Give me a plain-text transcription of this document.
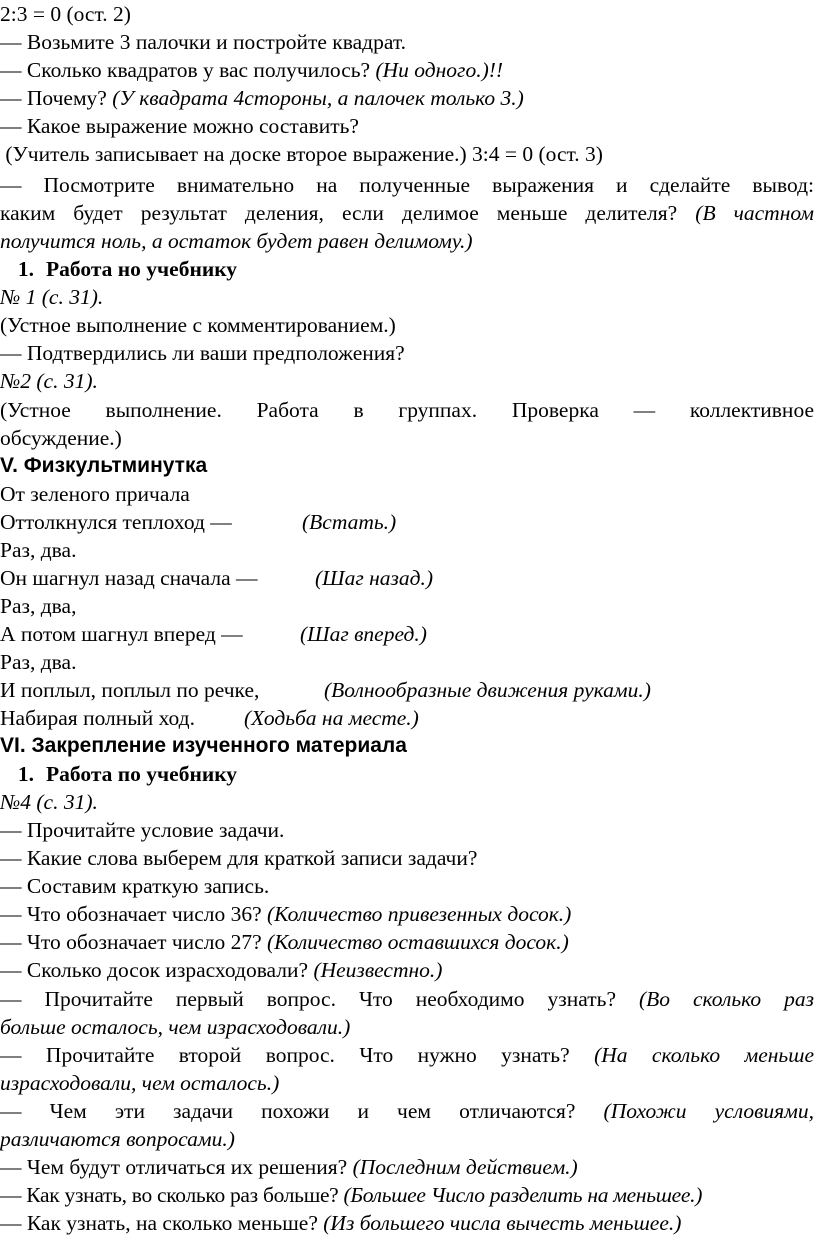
2:3 = 0 (ост. 2)
— Возьмите 3 палочки и постройте квадрат.
— Сколько квадратов у вас получилось? (Ни одного.)!!
— Почему? (У квадрата 4стороны, а палочек только 3.)
— Какое выражение можно составить?
(Учитель записывает на доске второе выражение.) 3:4 = 0 (ост. 3)
— Посмотрите внимательно на полученные выражения и сделайте вывод:
каким будет результат деления, если делимое меньше делителя? (В частном
получится ноль, а остаток будет равен делимому.)
1. Работа но учебнику
№ 1 (с. 31).
(Устное выполнение с комментированием.)
— Подтвердились ли ваши предположения?
№2 (с. 31).
(Устное выполнение. Работа в группах. Проверка — коллективное
обсуждение.)
V. Физкультминутка
От зеленого причала
Оттолкнулся теплоход —	(Встать.)
Раз, два.
Он шагнул назад сначала —	(Шаг назад.)
Раз, два,
А потом шагнул вперед —	(Шаг вперед.)
Раз, два.
И поплыл, поплыл по речке,	(Волнообразные движения руками.)
Набирая полный ход. (Ходьба на месте.)
VI. Закрепление изученного материала
1. Работа по учебнику
№4 (с. 31).
— Прочитайте условие задачи.
— Какие слова выберем для краткой записи задачи?
— Составим краткую запись.
— Что обозначает число 36? (Количество привезенных досок.)
— Что обозначает число 27? (Количество оставшихся досок.)
— Сколько досок израсходовали? (Неизвестно.)
— Прочитайте первый вопрос. Что необходимо узнать? (Во сколько раз
больше осталось, чем израсходовали.)
— Прочитайте второй вопрос. Что нужно узнать? (На сколько меньше
израсходовали, чем осталось.)
— Чем эти задачи похожи и чем отличаются? (Похожи условиями,
различаются вопросами.)
— Чем будут отличаться их решения? (Последним действием.)
— Как узнать, во сколько раз больше? (Большее Число разделить на меньшее.)
— Как узнать, на сколько меньше? (Из большего числа вычесть меньшее.)
